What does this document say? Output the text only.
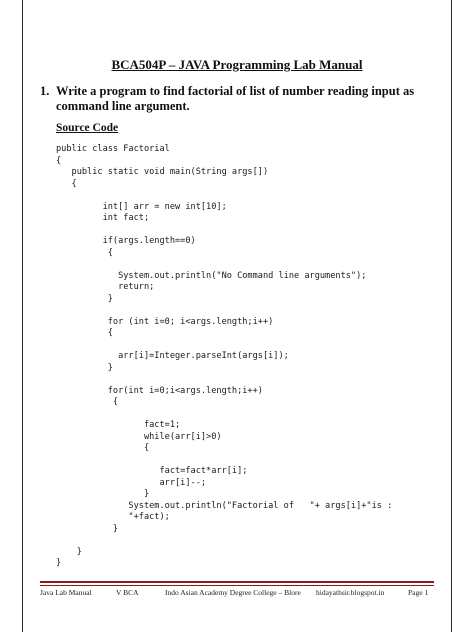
BCA504P – JAVA Programming Lab Manual
1. Write a program to find factorial of list of number reading input as command line argument.
Source Code
public class Factorial
{
public static void main(String args[])
{
int[] arr = new int[10];
int fact;
if(args.length==0)
{
System.out.println("No Command line arguments");
return;
}
for (int i=0; i<args.length;i++)
{
arr[i]=Integer.parseInt(args[i]);
}
for(int i=0;i<args.length;i++)
{
fact=1;
while(arr[i]>0)
{
fact=fact*arr[i];
arr[i]--;
}
System.out.println("Factorial of   "+ args[i]+"is :
"+fact);
}
}
}
Java Lab Manual	V BCA	Indo Asian Academy Degree College – Blore hidayathsir.blogspot.in	Page 1
